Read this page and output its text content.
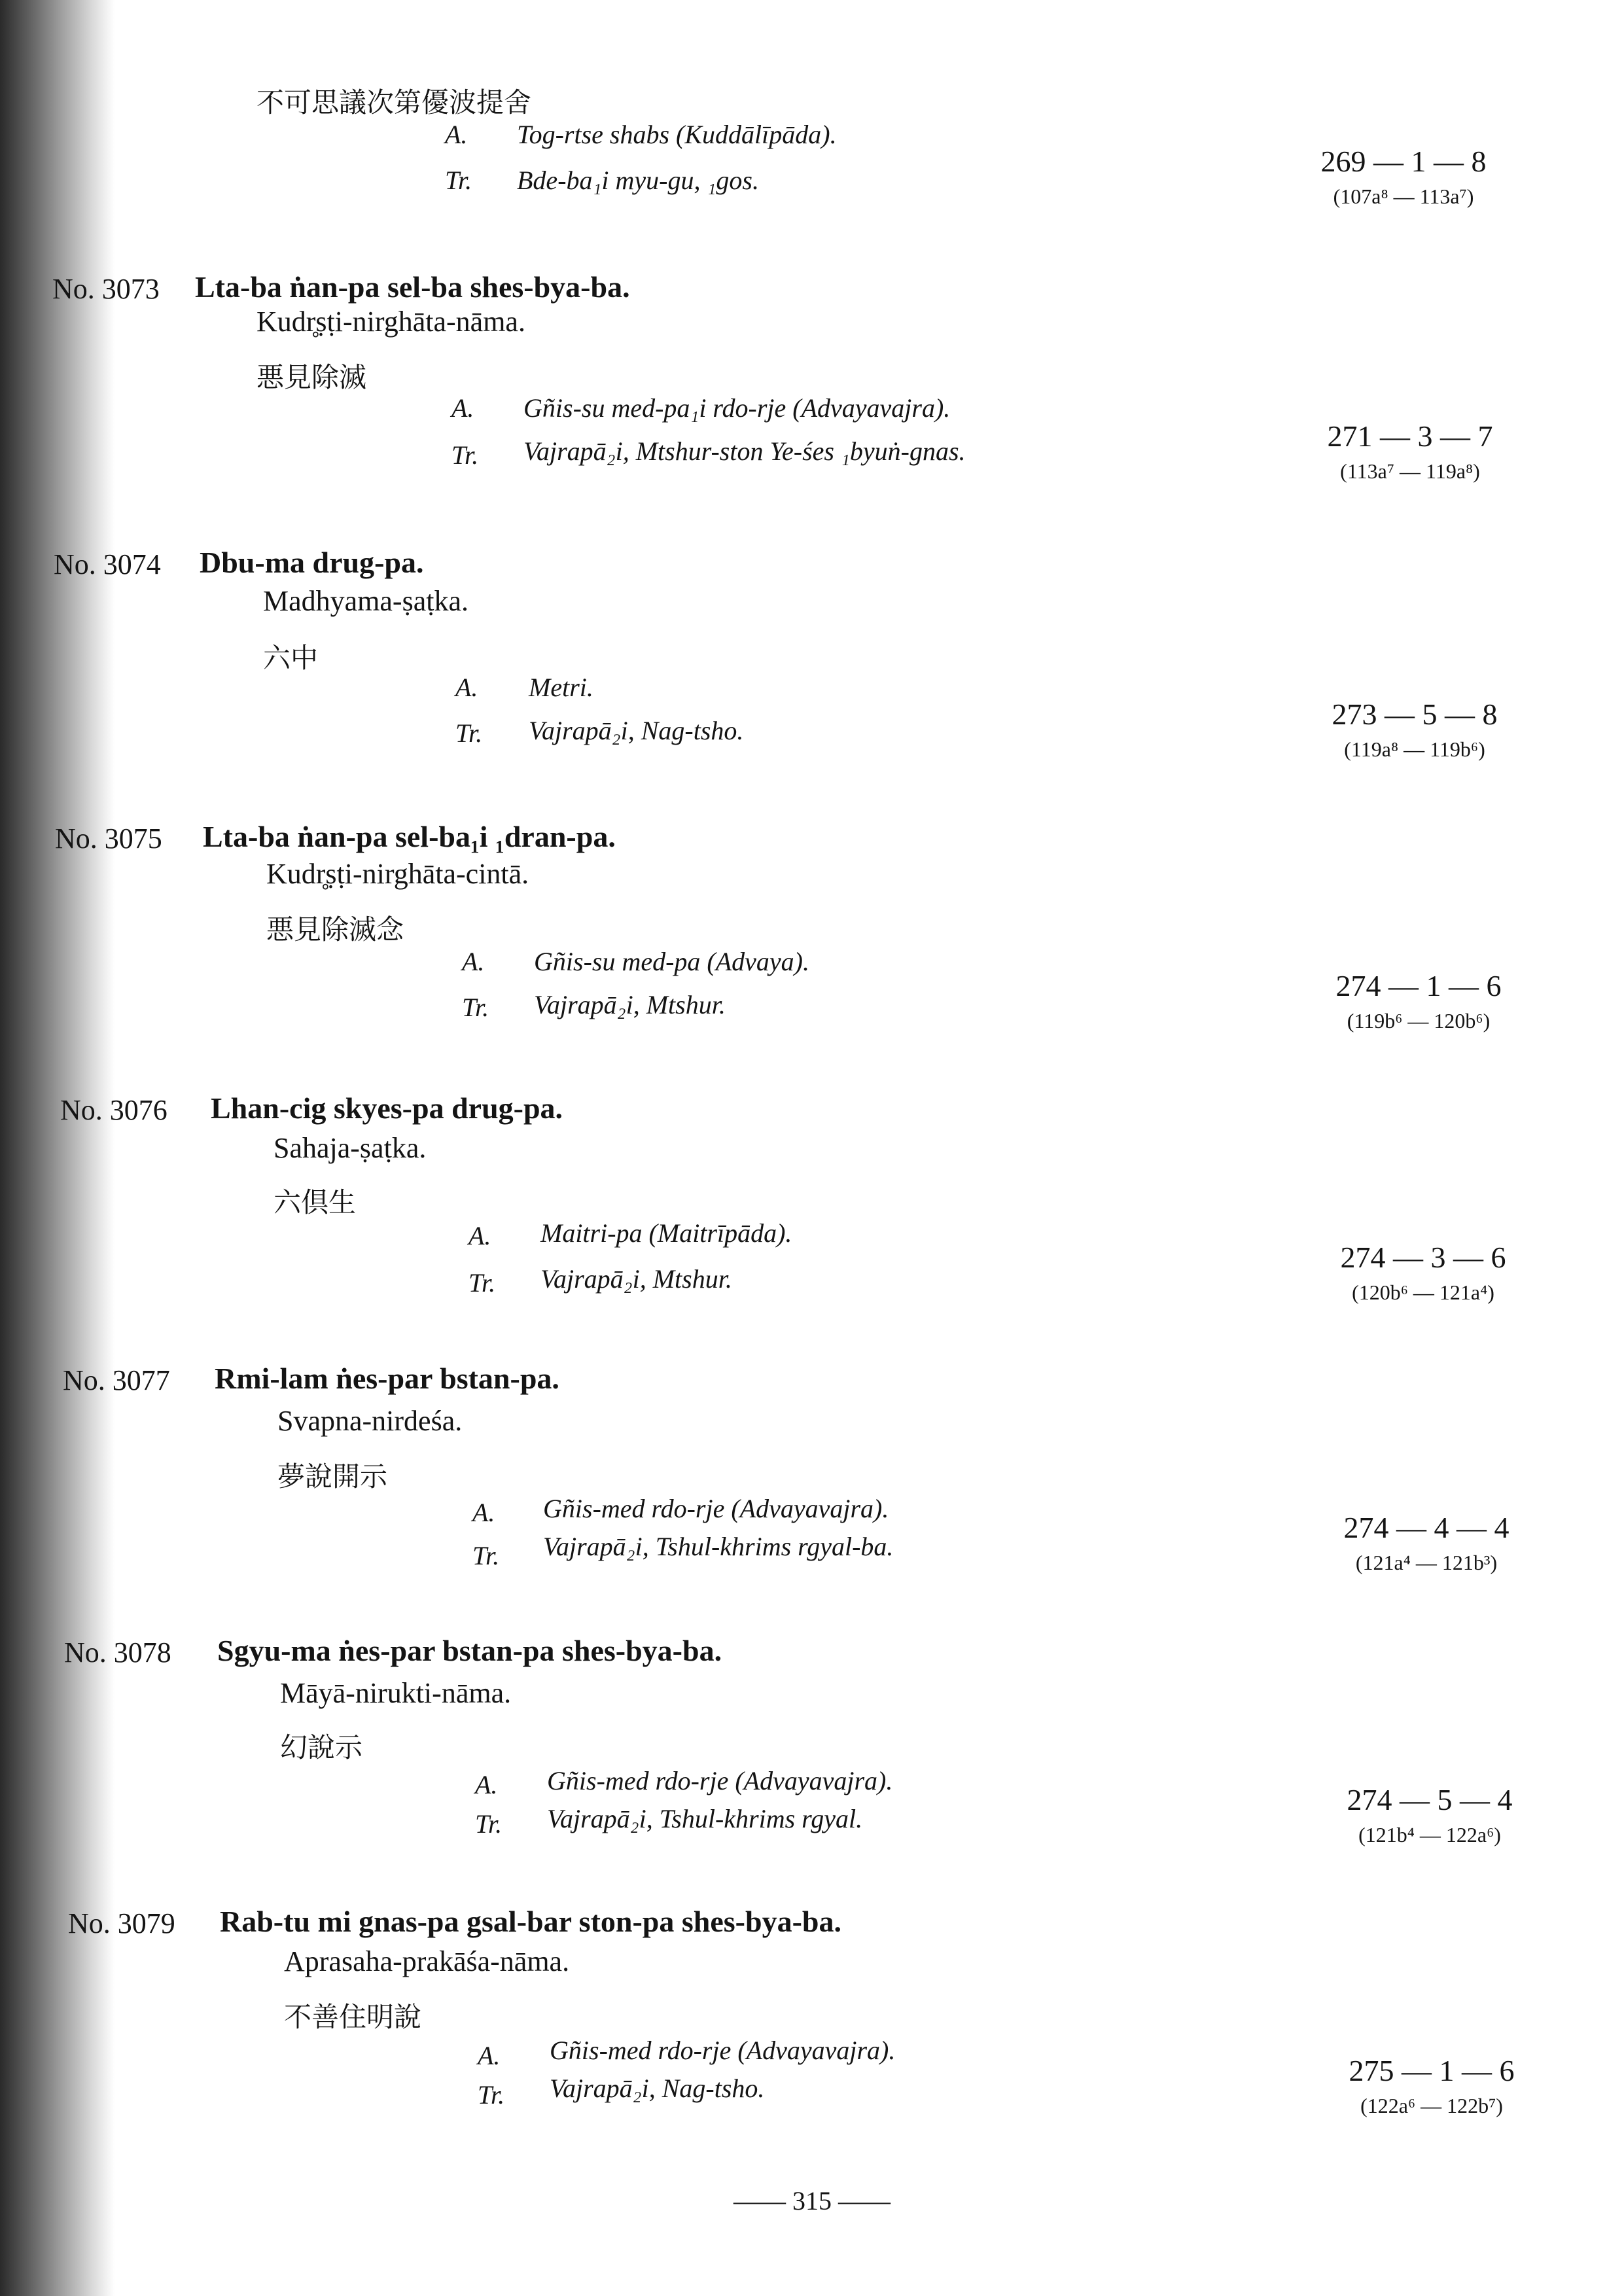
不可思議次第優波提舍
A. Tog-rtse shabs (Kuddālīpāda).
Tr. Bde-ba₁i myu-gu, ₁gos.
269 — 1 — 8
(107a⁸ — 113a⁷)
No. 3073 Lta-ba ṅan-pa sel-ba shes-bya-ba.
Kudr̥ṣṭi-nirghāta-nāma.
悪見除滅
A. Gñis-su med-pa₁i rdo-rje (Advayavajra).
Tr. Vajrapā₂i, Mtshur-ston Ye-śes ₁byuṅ-gnas.	271 — 3 — 7
(113a⁷ — 119a⁸)
No. 3074 Dbu-ma drug-pa.
Madhyama-ṣaṭka.
六中
A. Metri.
Tr. Vajrapā₂i, Nag-tsho.	273 — 5 — 8
(119a⁸ — 119b⁶)
No. 3075 Lta-ba ṅan-pa sel-ba₁i ₁dran-pa.
Kudr̥ṣṭi-nirghāta-cintā.
悪見除滅念
A. Gñis-su med-pa (Advaya).
Tr. Vajrapā₂i, Mtshur.
274 — 1 — 6
(119b⁶ — 120b⁶)
No. 3076 Lhan-cig skyes-pa drug-pa.
Sahaja-ṣaṭka.
六倶生
A. Maitri-pa (Maitrīpāda).
Tr. Vajrapā₂i, Mtshur.
274 — 3 — 6
(120b⁶ — 121a⁴)
No. 3077 Rmi-lam ṅes-par bstan-pa.
Svapna-nirdeśa.
夢說開示
A. Gñis-med rdo-rje (Advayavajra).
Tr. Vajrapā₂i, Tshul-khrims rgyal-ba.
274 — 4 — 4
(121a⁴ — 121b³)
No. 3078 Sgyu-ma ṅes-par bstan-pa shes-bya-ba.
Māyā-nirukti-nāma.
幻說示
A. Gñis-med rdo-rje (Advayavajra).
Tr. Vajrapā₂i, Tshul-khrims rgyal.
274 — 5 — 4
(121b⁴ — 122a⁶)
No. 3079 Rab-tu mi gnas-pa gsal-bar ston-pa shes-bya-ba.
Aprasaha-prakāśa-nāma.
不善住明說
A. Gñis-med rdo-rje (Advayavajra).
Tr. Vajrapā₂i, Nag-tsho.
275 — 1 — 6
(122a⁶ — 122b⁷)
—— 315 ——
